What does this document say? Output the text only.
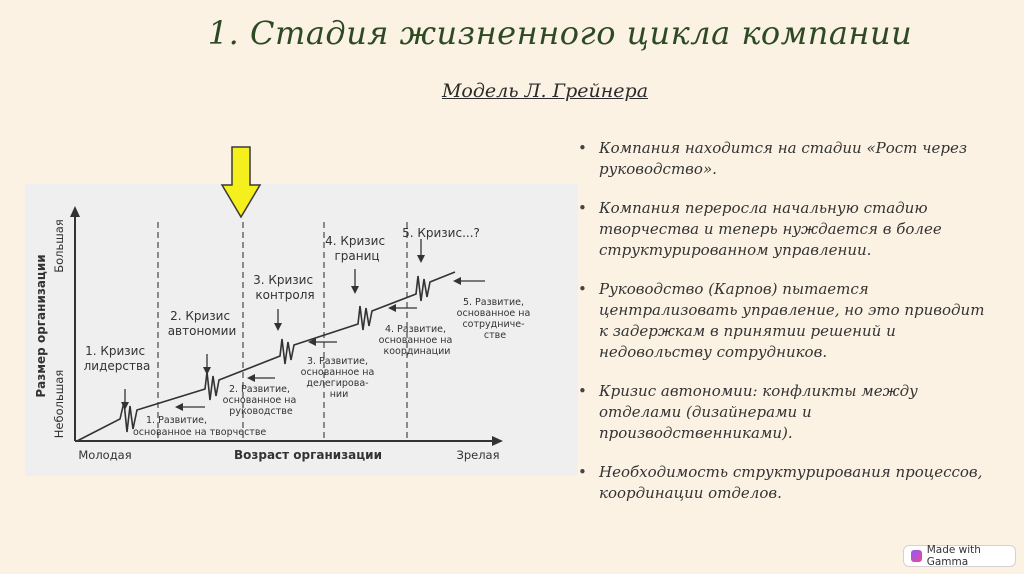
1. Стадия жизненного цикла компании
Модель Л. Грейнера
Размер организации
Большая
Небольшая
Молодая	Возраст организации	Зрелая
1. Кризис лидерства
2. Кризис автономии
3. Кризис контроля
4. Кризис границ
5. Кризис...?
1. Развитие, основанное на творчестве
2. Развитие, основанное на руководстве
3. Развитие, основанное на делегирова- нии
4. Развитие, основанное на координации
5. Развитие, основанное на сотрудниче- стве
• Компания находится на стадии «Рост через руководство».
• Компания переросла начальную стадию творчества и теперь нуждается в более структурированном управлении.
• Руководство (Карпов) пытается централизовать управление, но это приводит к задержкам в принятии решений и недовольству сотрудников.
• Кризис автономии: конфликты между отделами (дизайнерами и производственниками).
• Необходимость структурирования процессов, координации отделов.
Made with Gamma
